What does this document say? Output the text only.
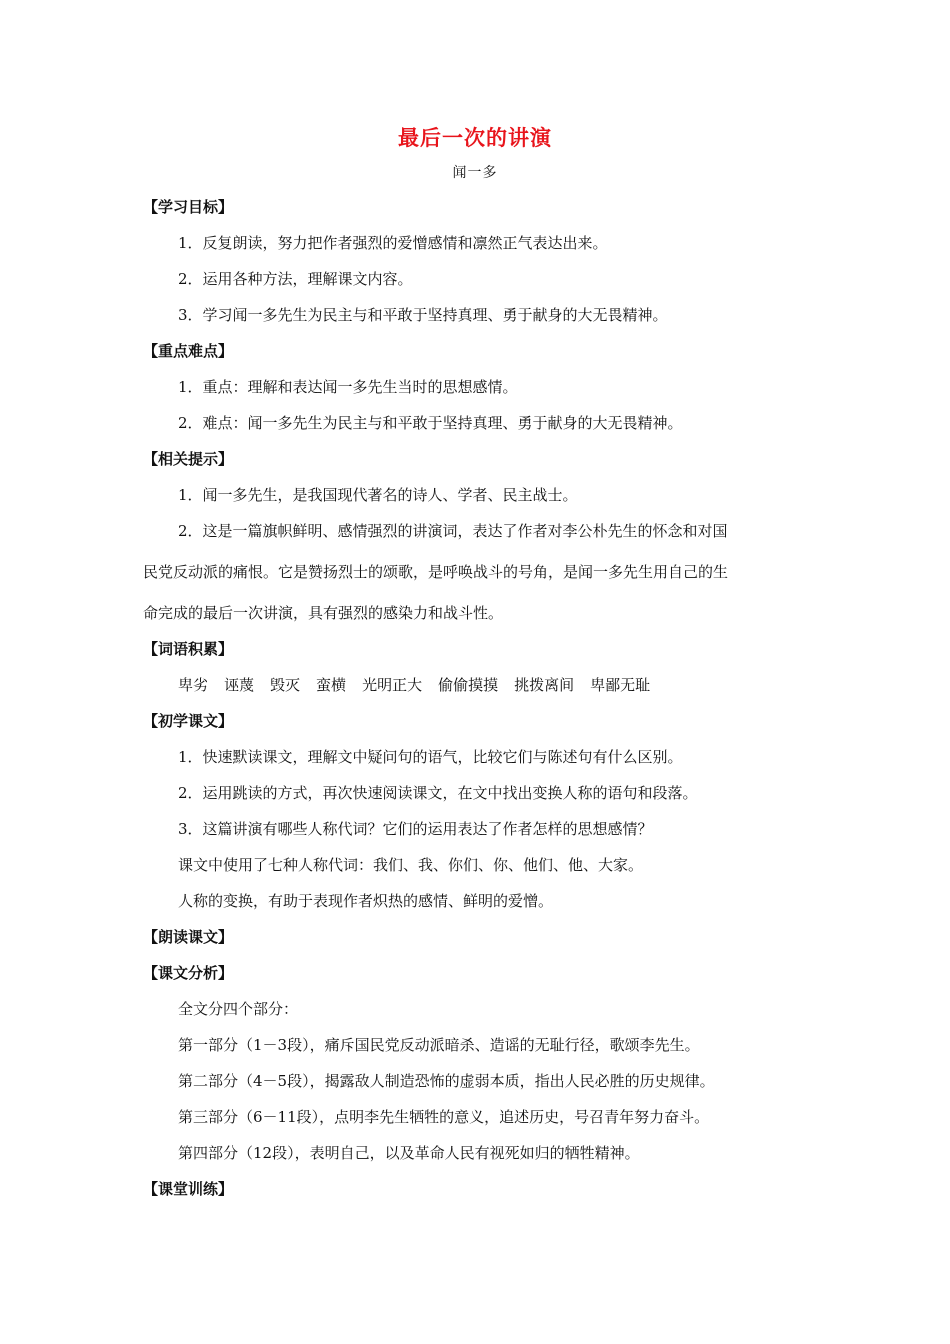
最后一次的讲演
闻一多
【学习目标】
1．反复朗读，努力把作者强烈的爱憎感情和凛然正气表达出来。
2．运用各种方法，理解课文内容。
3．学习闻一多先生为民主与和平敢于坚持真理、勇于献身的大无畏精神。
【重点难点】
1．重点：理解和表达闻一多先生当时的思想感情。
2．难点：闻一多先生为民主与和平敢于坚持真理、勇于献身的大无畏精神。
【相关提示】
1．闻一多先生，是我国现代著名的诗人、学者、民主战士。
2．这是一篇旗帜鲜明、感情强烈的讲演词，表达了作者对李公朴先生的怀念和对国
民党反动派的痛恨。它是赞扬烈士的颂歌，是呼唤战斗的号角，是闻一多先生用自己的生
命完成的最后一次讲演，具有强烈的感染力和战斗性。
【词语积累】
卑劣 诬蔑 毁灭 蛮横 光明正大 偷偷摸摸 挑拨离间 卑鄙无耻
【初学课文】
1．快速默读课文，理解文中疑问句的语气，比较它们与陈述句有什么区别。
2．运用跳读的方式，再次快速阅读课文，在文中找出变换人称的语句和段落。
3．这篇讲演有哪些人称代词？它们的运用表达了作者怎样的思想感情？
课文中使用了七种人称代词：我们、我、你们、你、他们、他、大家。
人称的变换，有助于表现作者炽热的感情、鲜明的爱憎。
【朗读课文】
【课文分析】
全文分四个部分：
第一部分（1－3段），痛斥国民党反动派暗杀、造谣的无耻行径，歌颂李先生。
第二部分（4－5段），揭露敌人制造恐怖的虚弱本质，指出人民必胜的历史规律。
第三部分（6－11段），点明李先生牺牲的意义，追述历史，号召青年努力奋斗。
第四部分（12段），表明自己，以及革命人民有视死如归的牺牲精神。
【课堂训练】
